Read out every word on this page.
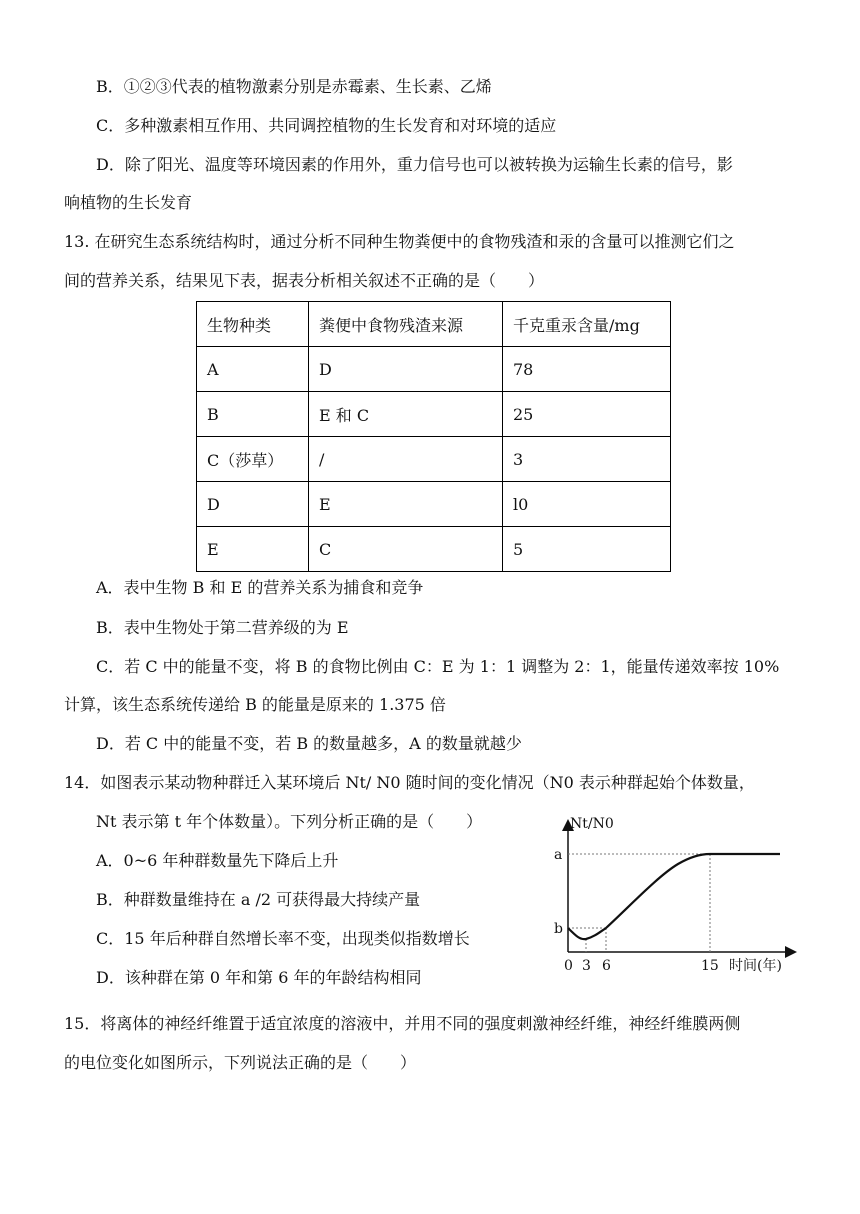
B．①②③代表的植物激素分别是赤霉素、生长素、乙烯
C．多种激素相互作用、共同调控植物的生长发育和对环境的适应
D．除了阳光、温度等环境因素的作用外，重力信号也可以被转换为运输生长素的信号，影
响植物的生长发育
13. 在研究生态系统结构时，通过分析不同种生物粪便中的食物残渣和汞的含量可以推测它们之
间的营养关系，结果见下表，据表分析相关叙述不正确的是（　　）
生物种类	粪便中食物残渣来源	千克重汞含量/mg
A	D	78
B	E 和 C	25
C（莎草）	/	3
D	E	l0
E	C	5
A．表中生物 B 和 E 的营养关系为捕食和竞争
B．表中生物处于第二营养级的为 E
C．若 C 中的能量不变，将 B 的食物比例由 C：E 为 1：1 调整为 2：1，能量传递效率按 10%
计算，该生态系统传递给 B 的能量是原来的 1.375 倍
D．若 C 中的能量不变，若 B 的数量越多，A 的数量就越少
14．如图表示某动物种群迁入某环境后 Nt/ N0 随时间的变化情况（N0 表示种群起始个体数量，
Nt 表示第 t 年个体数量）。下列分析正确的是（　　）
A．0~6 年种群数量先下降后上升
B．种群数量维持在 a /2 可获得最大持续产量
C．15 年后种群自然增长率不变，出现类似指数增长
D．该种群在第 0 年和第 6 年的年龄结构相同
Nt/N0
a
b
0 3 6	15 时间(年)
15．将离体的神经纤维置于适宜浓度的溶液中，并用不同的强度刺激神经纤维，神经纤维膜两侧
的电位变化如图所示，下列说法正确的是（　　）
